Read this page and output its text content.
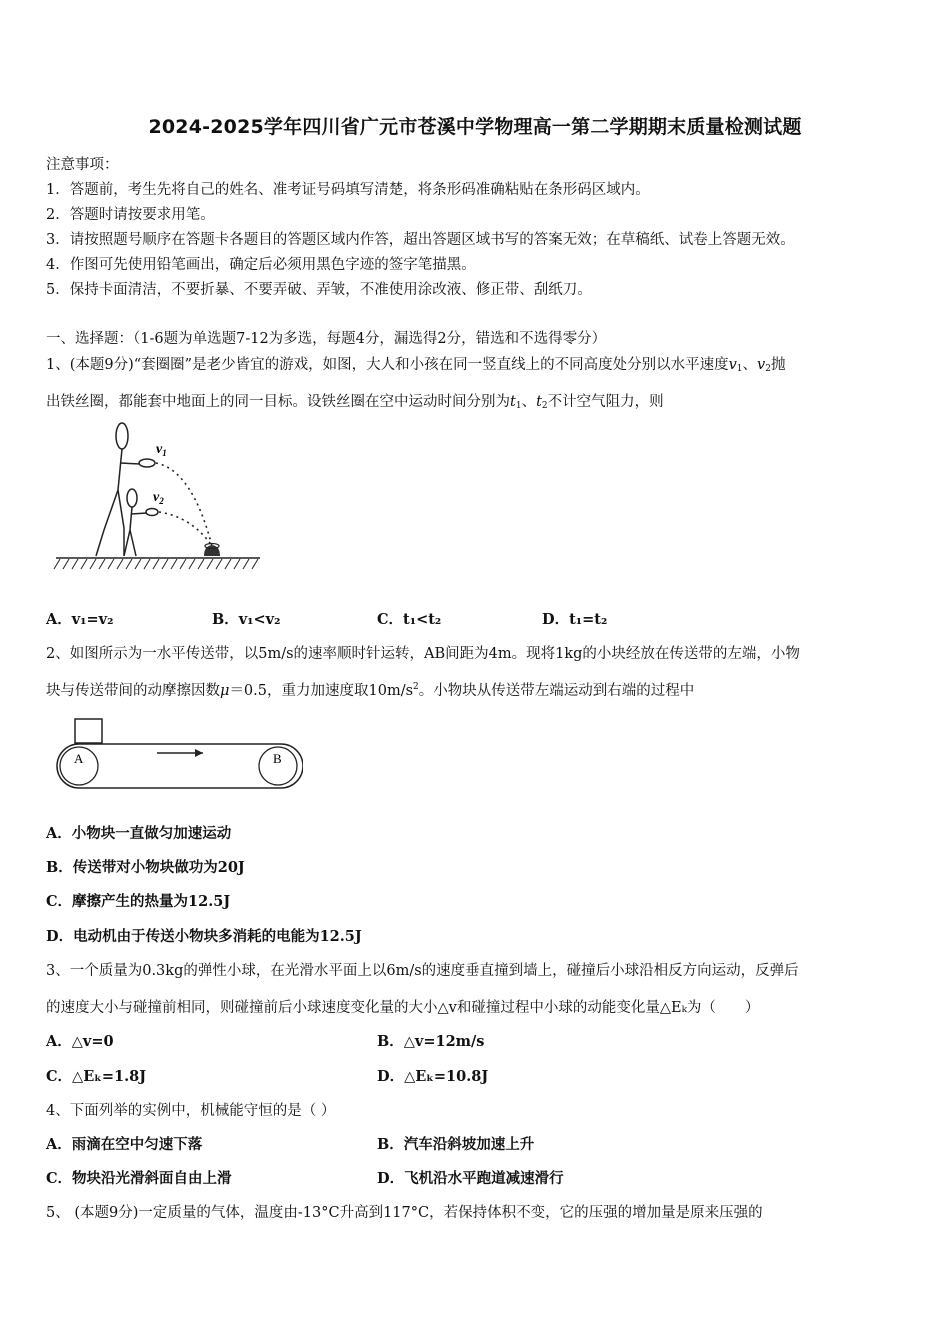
2024-2025学年四川省广元市苍溪中学物理高一第二学期期末质量检测试题
注意事项：
1．答题前，考生先将自己的姓名、准考证号码填写清楚，将条形码准确粘贴在条形码区域内。
2．答题时请按要求用笔。
3．请按照题号顺序在答题卡各题目的答题区域内作答，超出答题区域书写的答案无效；在草稿纸、试卷上答题无效。
4．作图可先使用铅笔画出，确定后必须用黑色字迹的签字笔描黑。
5．保持卡面清洁，不要折暴、不要弄破、弄皱，不准使用涂改液、修正带、刮纸刀。
一、选择题：（1-6题为单选题7-12为多选，每题4分，漏选得2分，错选和不选得零分）
1、(本题9分)“套圈圈”是老少皆宜的游戏，如图，大人和小孩在同一竖直线上的不同高度处分别以水平速度$v_1$、$v_2$抛
出铁丝圈，都能套中地面上的同一目标。设铁丝圈在空中运动时间分别为$t_1$、$t_2$不计空气阻力，则
$v_1$
$v_2$
A．v₁=v₂	B．v₁<v₂	C．t₁<t₂	D．t₁=t₂
2、如图所示为一水平传送带，以5m/s的速率顺时针运转，AB间距为4m。现将1kg的小块经放在传送带的左端，小物
块与传送带间的动摩擦因数μ＝0.5，重力加速度取$10m/s^2$。小物块从传送带左端运动到右端的过程中
A	B
A．小物块一直做匀加速运动
B．传送带对小物块做功为20J
C．摩擦产生的热量为12.5J
D．电动机由于传送小物块多消耗的电能为12.5J
3、一个质量为0.3kg的弹性小球，在光滑水平面上以6m/s的速度垂直撞到墙上，碰撞后小球沿相反方向运动，反弹后
的速度大小与碰撞前相同，则碰撞前后小球速度变化量的大小△v和碰撞过程中小球的动能变化量△Eₖ为（　　）
A．△v=0	B．△v=12m/s
C．△Eₖ=1.8J	D．△Eₖ=10.8J
4、下面列举的实例中，机械能守恒的是（ ）
A．雨滴在空中匀速下落	B．汽车沿斜坡加速上升
C．物块沿光滑斜面自由上滑	D．飞机沿水平跑道减速滑行
5、 (本题9分)一定质量的气体，温度由-13°C升高到117°C，若保持体积不变，它的压强的增加量是原来压强的
